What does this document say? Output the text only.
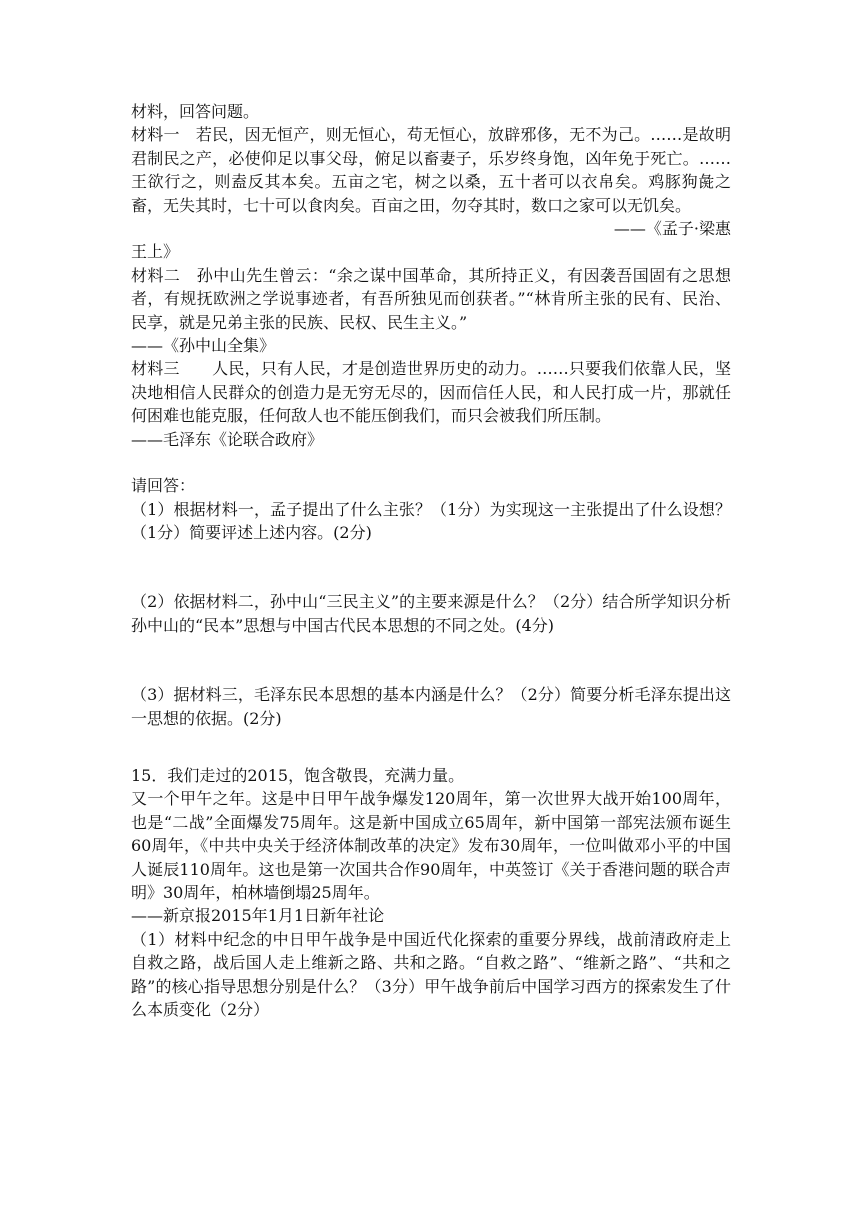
材料，回答问题。

材料一　若民，因无恒产，则无恒心，苟无恒心，放辟邪侈，无不为己。……是故明君制民之产，必使仰足以事父母，俯足以畜妻子，乐岁终身饱，凶年免于死亡。……王欲行之，则盍反其本矣。五亩之宅，树之以桑，五十者可以衣帛矣。鸡豚狗彘之畜，无失其时，七十可以食肉矣。百亩之田，勿夺其时，数口之家可以无饥矣。

——《孟子·梁惠

王上》

材料二　孙中山先生曾云：“余之谋中国革命，其所持正义，有因袭吾国固有之思想者，有规抚欧洲之学说事迹者，有吾所独见而创获者。”“林肯所主张的民有、民治、民享，就是兄弟主张的民族、民权、民生主义。”

——《孙中山全集》

材料三　　人民，只有人民，才是创造世界历史的动力。……只要我们依靠人民，坚决地相信人民群众的创造力是无穷无尽的，因而信任人民，和人民打成一片，那就任何困难也能克服，任何敌人也不能压倒我们，而只会被我们所压制。

——毛泽东《论联合政府》

请回答：

（1）根据材料一，孟子提出了什么主张？（1分）为实现这一主张提出了什么设想？（1分）简要评述上述内容。(2分)

（2）依据材料二，孙中山“三民主义”的主要来源是什么？（2分）结合所学知识分析孙中山的“民本”思想与中国古代民本思想的不同之处。(4分)

（3）据材料三，毛泽东民本思想的基本内涵是什么？（2分）简要分析毛泽东提出这一思想的依据。(2分)

15．我们走过的2015，饱含敬畏，充满力量。

又一个甲午之年。这是中日甲午战争爆发120周年，第一次世界大战开始100周年，也是“二战”全面爆发75周年。这是新中国成立65周年，新中国第一部宪法颁布诞生60周年，《中共中央关于经济体制改革的决定》发布30周年，一位叫做邓小平的中国人诞辰110周年。这也是第一次国共合作90周年，中英签订《关于香港问题的联合声明》30周年，柏林墙倒塌25周年。

——新京报2015年1月1日新年社论

（1）材料中纪念的中日甲午战争是中国近代化探索的重要分界线，战前清政府走上自救之路，战后国人走上维新之路、共和之路。“自救之路”、“维新之路”、“共和之路”的核心指导思想分别是什么？（3分）甲午战争前后中国学习西方的探索发生了什么本质变化（2分）
